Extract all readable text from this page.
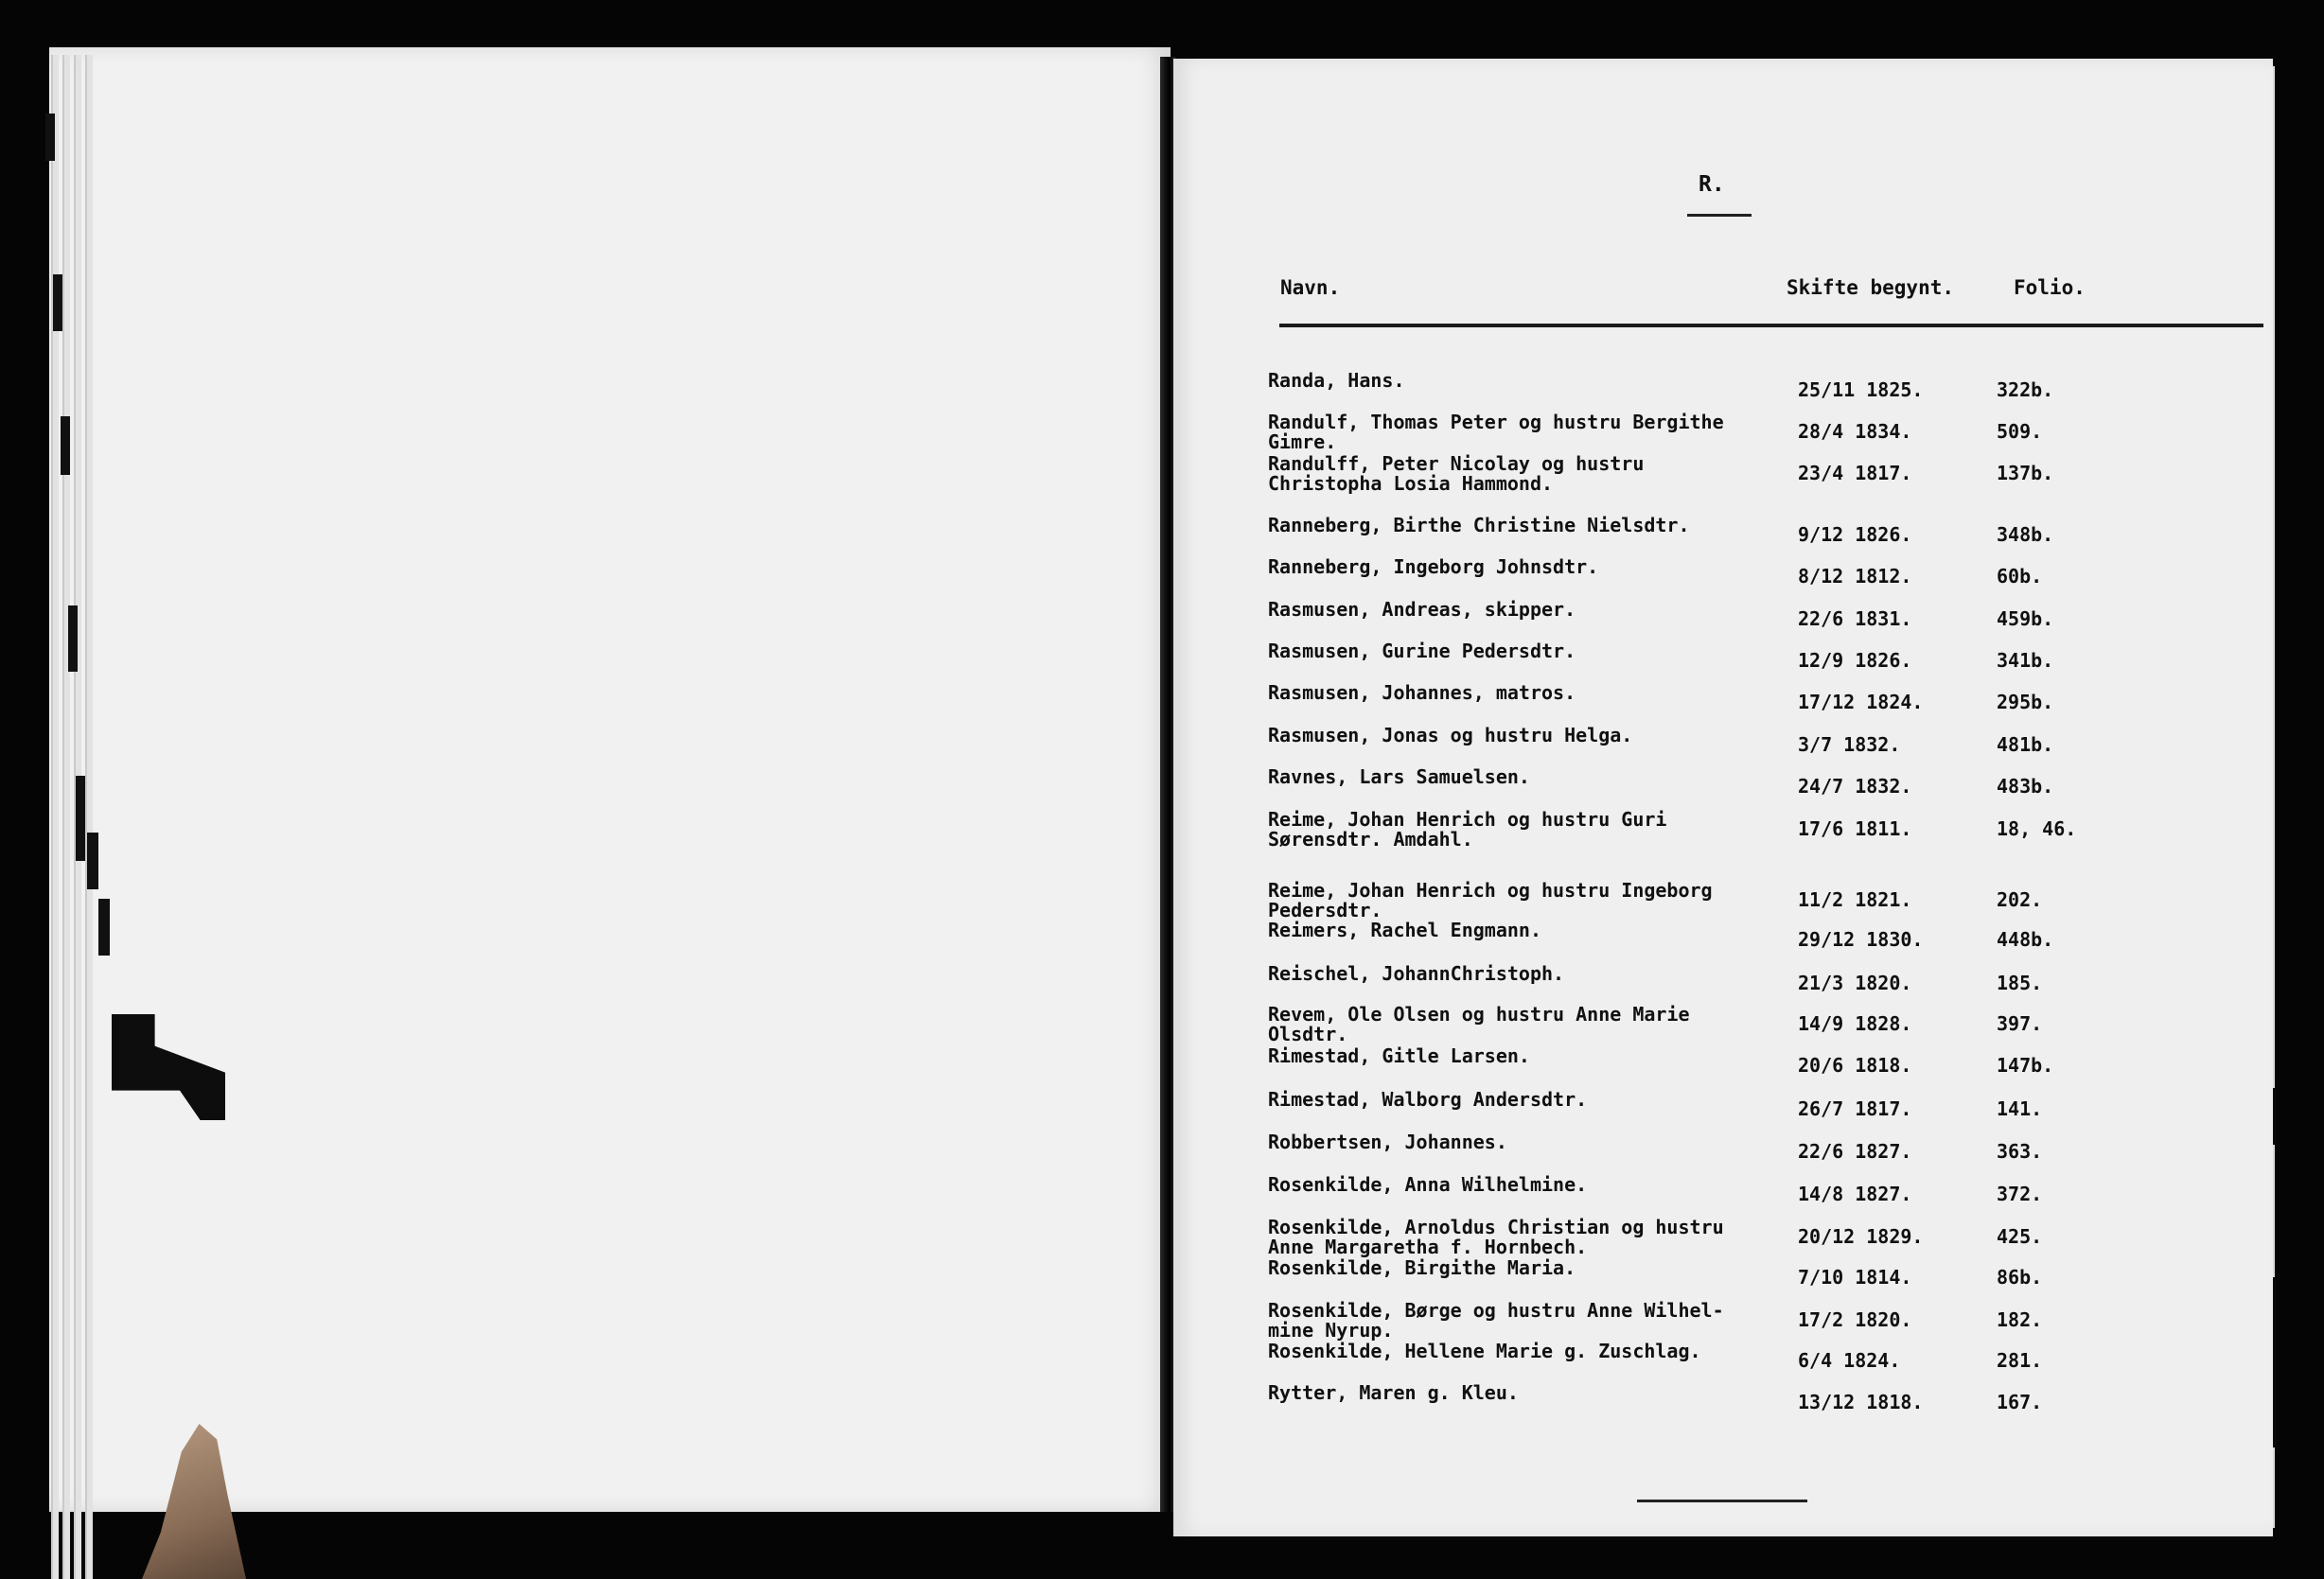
R.
Navn.	Skifte begynt.	Folio.
Randa, Hans.	25/11 1825.	322b.
Randulf, Thomas Peter og hustru Bergithe
Gimre.	28/4 1834.	509.
Randulff, Peter Nicolay og hustru
Christopha Losia Hammond.	23/4 1817.	137b.
Ranneberg, Birthe Christine Nielsdtr.	9/12 1826.	348b.
Ranneberg, Ingeborg Johnsdtr.	8/12 1812.	60b.
Rasmusen, Andreas, skipper.	22/6 1831.	459b.
Rasmusen, Gurine Pedersdtr.	12/9 1826.	341b.
Rasmusen, Johannes, matros.	17/12 1824.	295b.
Rasmusen, Jonas og hustru Helga.	3/7 1832.	481b.
Ravnes, Lars Samuelsen.	24/7 1832.	483b.
Reime, Johan Henrich og hustru Guri
Sørensdtr. Amdahl.	17/6 1811.	18, 46.
Reime, Johan Henrich og hustru Ingeborg
Pedersdtr.	11/2 1821.	202.
Reimers, Rachel Engmann.	29/12 1830.	448b.
Reischel, JohannChristoph.	21/3 1820.	185.
Revem, Ole Olsen og hustru Anne Marie
Olsdtr.	14/9 1828.	397.
Rimestad, Gitle Larsen.	20/6 1818.	147b.
Rimestad, Walborg Andersdtr.	26/7 1817.	141.
Robbertsen, Johannes.	22/6 1827.	363.
Rosenkilde, Anna Wilhelmine.	14/8 1827.	372.
Rosenkilde, Arnoldus Christian og hustru
Anne Margaretha f. Hornbech.	20/12 1829.	425.
Rosenkilde, Birgithe Maria.	7/10 1814.	86b.
Rosenkilde, Børge og hustru Anne Wilhel-
mine Nyrup.	17/2 1820.	182.
Rosenkilde, Hellene Marie g. Zuschlag.	6/4 1824.	281.
Rytter, Maren g. Kleu.	13/12 1818.	167.
